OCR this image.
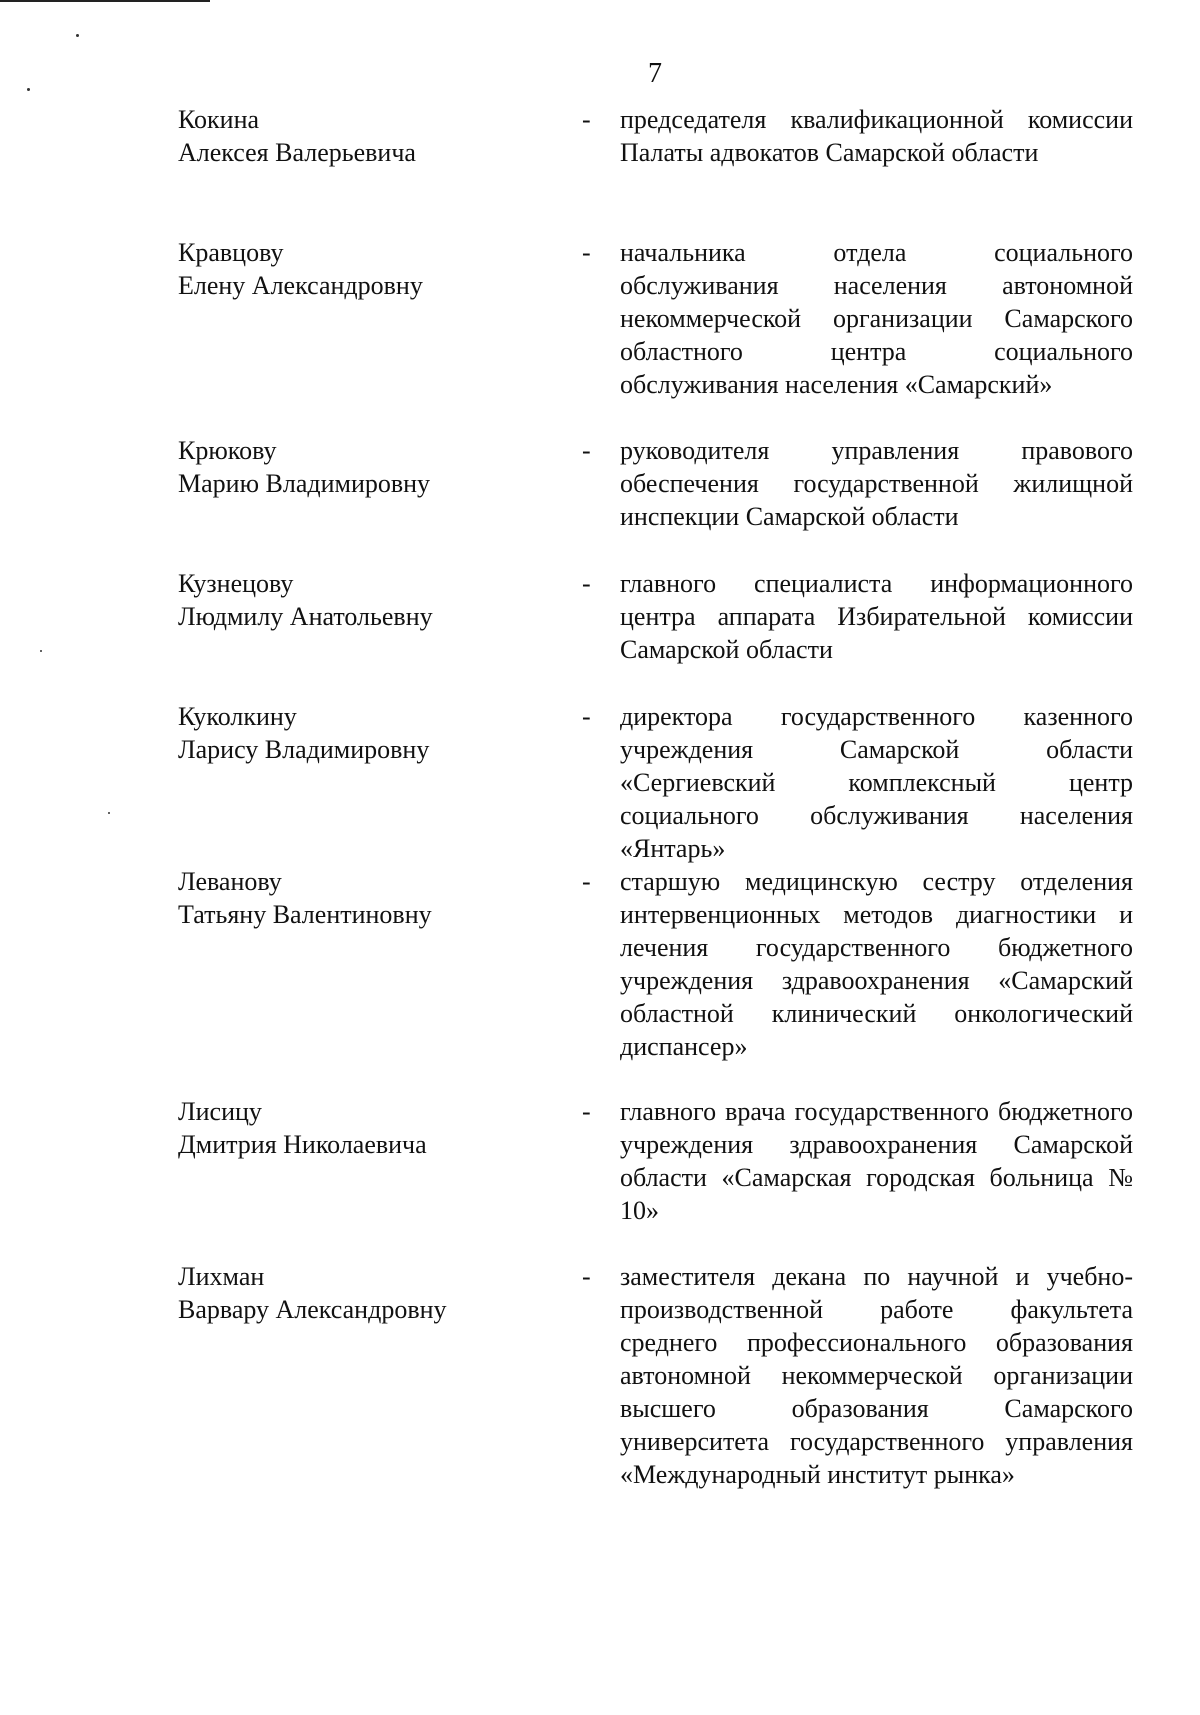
7
Кокина
Алексея Валерьевича
- председателя квалификационной комиссии Палаты адвокатов Самарской области
Кравцову
Елену Александровну
- начальника отдела социального обслуживания населения автономной некоммерческой организации Самарского областного центра социального обслуживания населения «Самарский»
Крюкову
Марию Владимировну
- руководителя управления правового обеспечения государственной жилищной инспекции Самарской области
Кузнецову
Людмилу Анатольевну
- главного специалиста информационного центра аппарата Избирательной комиссии Самарской области
Куколкину
Ларису Владимировну
- директора государственного казенного учреждения Самарской области «Сергиевский комплексный центр социального обслуживания населения «Янтарь»
Леванову
Татьяну Валентиновну
- старшую медицинскую сестру отделения интервенционных методов диагностики и лечения государственного бюджетного учреждения здравоохранения «Самарский областной клинический онкологический диспансер»
Лисицу
Дмитрия Николаевича
- главного врача государственного бюджетного учреждения здравоохранения Самарской области «Самарская городская больница № 10»
Лихман
Варвару Александровну
- заместителя декана по научной и учебно-производственной работе факультета среднего профессионального образования автономной некоммерческой организации высшего образования Самарского университета государственного управления «Международный институт рынка»
